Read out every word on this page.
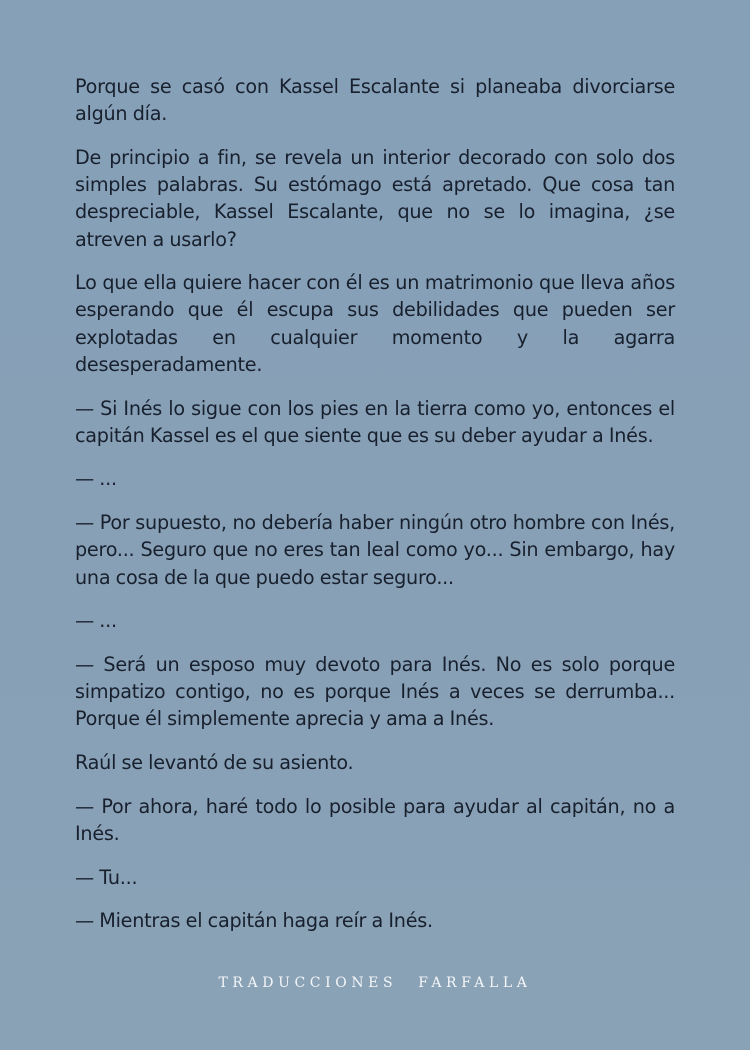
Porque se casó con Kassel Escalante si planeaba divorciarse algún día.

De principio a fin, se revela un interior decorado con solo dos simples palabras. Su estómago está apretado. Que cosa tan despreciable, Kassel Escalante, que no se lo imagina, ¿se atreven a usarlo?

Lo que ella quiere hacer con él es un matrimonio que lleva años esperando que él escupa sus debilidades que pueden ser explotadas en cualquier momento y la agarra desesperadamente.

— Si Inés lo sigue con los pies en la tierra como yo, entonces el capitán Kassel es el que siente que es su deber ayudar a Inés.

— ...

— Por supuesto, no debería haber ningún otro hombre con Inés, pero... Seguro que no eres tan leal como yo... Sin embargo, hay una cosa de la que puedo estar seguro...

— ...

— Será un esposo muy devoto para Inés. No es solo porque simpatizo contigo, no es porque Inés a veces se derrumba... Porque él simplemente aprecia y ama a Inés.

Raúl se levantó de su asiento.

— Por ahora, haré todo lo posible para ayudar al capitán, no a Inés.

— Tu...

— Mientras el capitán haga reír a Inés.

TRADUCCIONES FARFALLA
